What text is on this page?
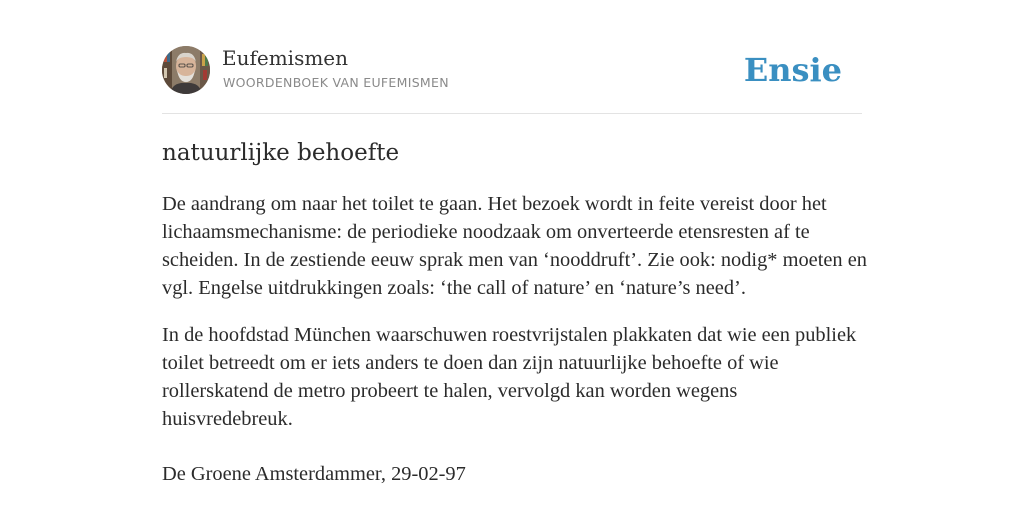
Eufemismen
WOORDENBOEK VAN EUFEMISMEN	Ensie
natuurlijke behoefte

De aandrang om naar het toilet te gaan. Het bezoek wordt in feite vereist door het lichaamsmechanisme: de periodieke noodzaak om onverteerde etensresten af te scheiden. In de zestiende eeuw sprak men van ‘nooddruft’. Zie ook: nodig* moeten en vgl. Engelse uitdrukkingen zoals: ‘the call of nature’ en ‘nature’s need’.

In de hoofdstad München waarschuwen roestvrijstalen plakkaten dat wie een publiek toilet betreedt om er iets anders te doen dan zijn natuurlijke behoefte of wie rollerskatend de metro probeert te halen, vervolgd kan worden wegens huisvredebreuk.

De Groene Amsterdammer, 29-02-97
